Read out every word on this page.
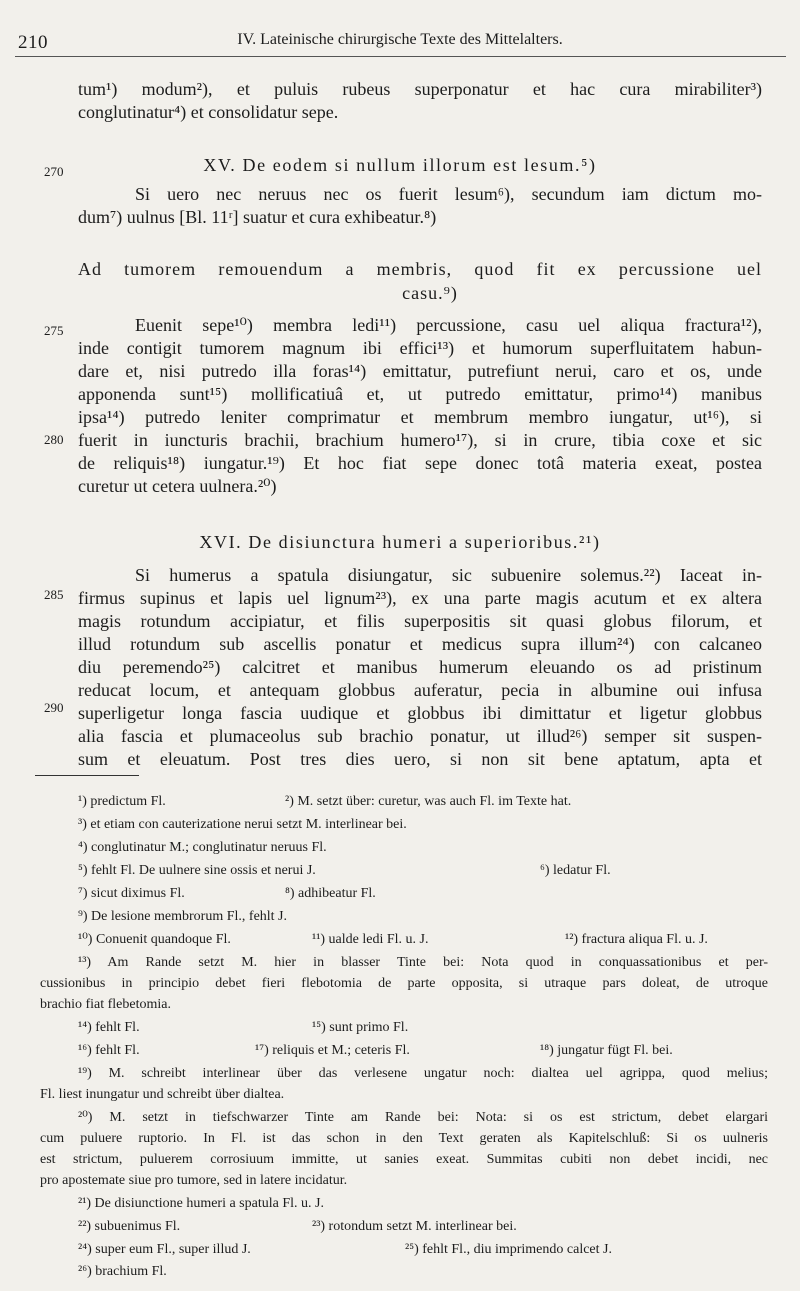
210	IV. Lateinische chirurgische Texte des Mittelalters.
270
275
280
285
290
tum¹) modum²), et puluis rubeus superponatur et hac cura mirabiliter³)
conglutinatur⁴) et consolidatur sepe.
XV. De eodem si nullum illorum est lesum.⁵)
Si uero nec neruus nec os fuerit lesum⁶), secundum iam dictum mo-
dum⁷) uulnus [Bl. 11ʳ] suatur et cura exhibeatur.⁸)
Ad tumorem remouendum a membris, quod fit ex percussione uel
casu.⁹)
Euenit sepe¹⁰) membra ledi¹¹) percussione, casu uel aliqua fractura¹²),
inde contigit tumorem magnum ibi effici¹³) et humorum superfluitatem habun-
dare et, nisi putredo illa foras¹⁴) emittatur, putrefiunt nerui, caro et os, unde
apponenda sunt¹⁵) mollificatiuâ et, ut putredo emittatur, primo¹⁴) manibus
ipsa¹⁴) putredo leniter comprimatur et membrum membro iungatur, ut¹⁶), si
fuerit in iuncturis brachii, brachium humero¹⁷), si in crure, tibia coxe et sic
de reliquis¹⁸) iungatur.¹⁹) Et hoc fiat sepe donec totâ materia exeat, postea
curetur ut cetera uulnera.²⁰)
XVI. De disiunctura humeri a superioribus.²¹)
Si humerus a spatula disiungatur, sic subuenire solemus.²²) Iaceat in-
firmus supinus et lapis uel lignum²³), ex una parte magis acutum et ex altera
magis rotundum accipiatur, et filis superpositis sit quasi globus filorum, et
illud rotundum sub ascellis ponatur et medicus supra illum²⁴) con calcaneo
diu peremendo²⁵) calcitret et manibus humerum eleuando os ad pristinum
reducat locum, et antequam globbus auferatur, pecia in albumine oui infusa
superligetur longa fascia uudique et globbus ibi dimittatur et ligetur globbus
alia fascia et plumaceolus sub brachio ponatur, ut illud²⁶) semper sit suspen-
sum et eleuatum. Post tres dies uero, si non sit bene aptatum, apta et
¹) predictum Fl.	²) M. setzt über: curetur, was auch Fl. im Texte hat.
³) et etiam con cauterizatione nerui setzt M. interlinear bei.
⁴) conglutinatur M.; conglutinatur neruus Fl.
⁵) fehlt Fl. De uulnere sine ossis et nerui J.	⁶) ledatur Fl.
⁷) sicut diximus Fl.	⁸) adhibeatur Fl.
⁹) De lesione membrorum Fl., fehlt J.
¹⁰) Conuenit quandoque Fl.	¹¹) ualde ledi Fl. u. J.	¹²) fractura aliqua Fl. u. J.
¹³) Am Rande setzt M. hier in blasser Tinte bei: Nota quod in conquassationibus et per-
cussionibus in principio debet fieri flebotomia de parte opposita, si utraque pars doleat, de utroque
brachio fiat flebetomia.
¹⁴) fehlt Fl.	¹⁵) sunt primo Fl.
¹⁶) fehlt Fl.	¹⁷) reliquis et M.; ceteris Fl.	¹⁸) jungatur fügt Fl. bei.
¹⁹) M. schreibt interlinear über das verlesene ungatur noch: dialtea uel agrippa, quod melius;
Fl. liest inungatur und schreibt über dialtea.
²⁰) M. setzt in tiefschwarzer Tinte am Rande bei: Nota: si os est strictum, debet elargari
cum puluere ruptorio. In Fl. ist das schon in den Text geraten als Kapitelschluß: Si os uulneris
est strictum, puluerem corrosiuum immitte, ut sanies exeat. Summitas cubiti non debet incidi, nec
pro apostemate siue pro tumore, sed in latere incidatur.
²¹) De disiunctione humeri a spatula Fl. u. J.
²²) subuenimus Fl.	²³) rotondum setzt M. interlinear bei.
²⁴) super eum Fl., super illud J.	²⁵) fehlt Fl., diu imprimendo calcet J.
²⁶) brachium Fl.
